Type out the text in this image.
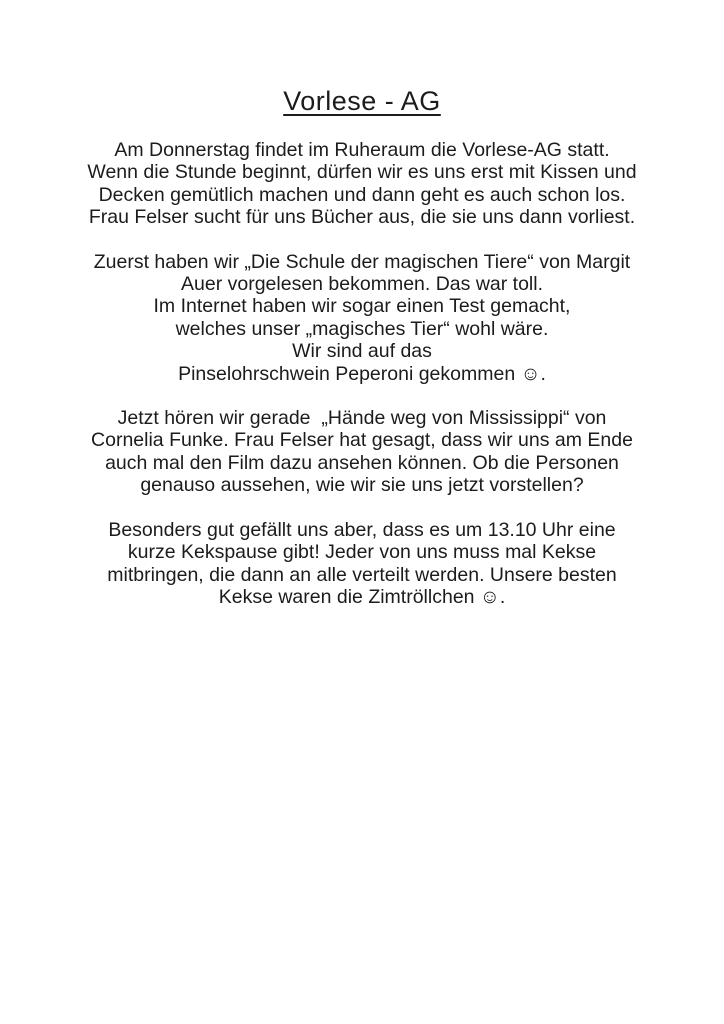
Vorlese - AG
Am Donnerstag findet im Ruheraum die Vorlese-AG statt.
Wenn die Stunde beginnt, dürfen wir es uns erst mit Kissen und
Decken gemütlich machen und dann geht es auch schon los.
Frau Felser sucht für uns Bücher aus, die sie uns dann vorliest.
Zuerst haben wir „Die Schule der magischen Tiere“ von Margit
Auer vorgelesen bekommen. Das war toll.
Im Internet haben wir sogar einen Test gemacht,
welches unser „magisches Tier“ wohl wäre.
Wir sind auf das
Pinselohrschwein Peperoni gekommen ☺.
Jetzt hören wir gerade  „Hände weg von Mississippi“ von
Cornelia Funke. Frau Felser hat gesagt, dass wir uns am Ende
auch mal den Film dazu ansehen können. Ob die Personen
genauso aussehen, wie wir sie uns jetzt vorstellen?
Besonders gut gefällt uns aber, dass es um 13.10 Uhr eine
kurze Kekspause gibt! Jeder von uns muss mal Kekse
mitbringen, die dann an alle verteilt werden. Unsere besten
Kekse waren die Zimtröllchen ☺.
